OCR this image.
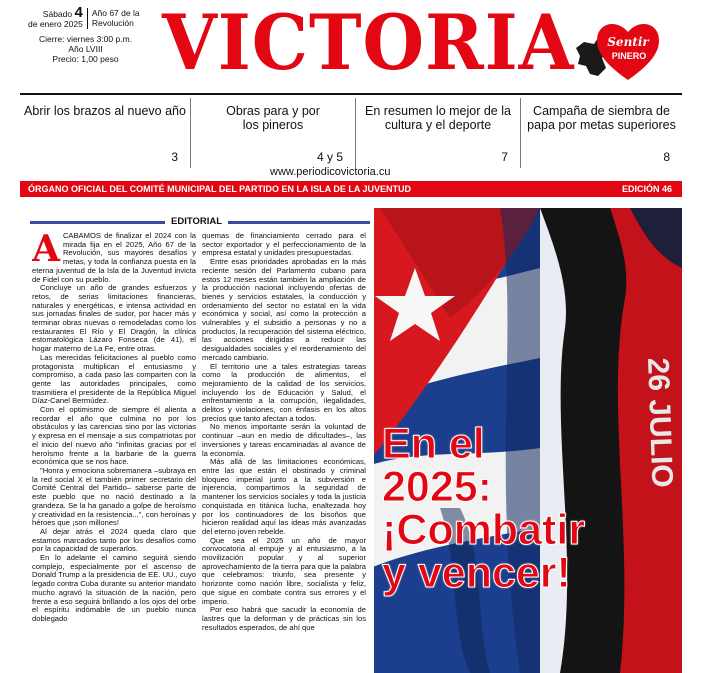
Sábado 4
de enero 2025
Año 67 de la
Revolución
Cierre: viernes 3:00 p.m.
Año LVIII
Precio: 1,00 peso VICTORIA	Sentir
PINERO
Abrir los brazos al nuevo año
3
Obras para y por los pineros
4 y 5
En resumen lo mejor de la cultura y el deporte
7
Campaña de siembra de papa por metas superiores
8
www.periodicovictoria.cu
ÓRGANO OFICIAL DEL COMITÉ MUNICIPAL DEL PARTIDO EN LA ISLA DE LA JUVENTUD	EDICIÓN 46
26 JULIO
EDITORIAL

ACABAMOS de finalizar el 2024 con la mirada fija en el 2025, Año 67 de la Revolución, sus mayores desafíos y metas, y toda la confianza puesta en la eterna juventud de la Isla de la Juventud invicta de Fidel con su pueblo.

Concluye un año de grandes esfuerzos y retos, de serias limitaciones financieras, naturales y energéticas, e intensa actividad en sus jornadas finales de sudor, por hacer más y terminar obras nuevas o remodeladas como los restaurantes El Río y El Dragón, la clínica estomatológica Lázaro Fonseca (de 41), el hogar materno de La Fe, entre otras.

Las merecidas felicitaciones al pueblo como protagonista multiplican el entusiasmo y compromiso, a cada paso las comparten con la gente las autoridades principales, como trasmitiera el presidente de la República Miguel Díaz-Canel Bermúdez.

Con el optimismo de siempre él alienta a recordar el año que culmina no por los obstáculos y las carencias sino por las victorias y expresa en el mensaje a sus compatriotas por el inicio del nuevo año "infinitas gracias por el heroísmo frente a la barbarie de la guerra económica que se nos hace.

"Honra y emociona sobremanera –subraya en la red social X el también primer secretario del Comité Central del Partido– saberse parte de este pueblo que no nació destinado a la grandeza. Se la ha ganado a golpe de heroísmo y creatividad en la resistencia...", con heroínas y héroes que ¡son millones!

Al dejar atrás el 2024 queda claro que estamos marcados tanto por los desafíos como por la capacidad de superarlos.

En lo adelante el camino seguirá siendo complejo, especialmente por el ascenso de Donald Trump a la presidencia de EE. UU., cuyo legado contra Cuba durante su anterior mandato mucho agravó la situación de la nación, pero frente a eso seguirá brillando a los ojos del orbe el espíritu indómable de un pueblo nunca doblegado

quemas de financiamiento cerrado para el sector exportador y el perfeccionamiento de la empresa estatal y unidades presupuestadas.

Entre esas prioridades aprobadas en la más reciente sesión del Parlamento cubano para estos 12 meses están también la ampliación de la producción nacional incluyendo ofertas de bienes y servicios estatales, la conducción y ordenamiento del sector no estatal en la vida económica y social, así como la protección a vulnerables y el subsidio a personas y no a productos, la recuperación del sistema eléctrico, las acciones dirigidas a reducir las desigualdades sociales y el reordenamiento del mercado cambiario.

El territorio une a tales estrategias tareas como la producción de alimentos, el mejoramiento de la calidad de los servicios, incluyendo los de Educación y Salud, el enfrentamiento a la corrupción, ilegalidades, delitos y violaciones, con énfasis en los altos precios que tanto afectan a todos.

No menos importante serán la voluntad de continuar –aun en medio de dificultades–, las inversiones y tareas encaminadas al avance de la economía.

Más allá de las limitaciones económicas, entre las que están el obstinado y criminal bloqueo imperial junto a la subversión e injerencia, compartimos la seguridad de mantener los servicios sociales y toda la justicia conquistada en titánica lucha, enaltezada hoy por los continuadores de los bisoños que hicieron realidad aquí las ideas más avanzadas del eterno joven rebelde.

Que sea el 2025 un año de mayor convocatoria al empuje y al entusiasmo, a la movilización popular y al superior aprovechamiento de la tierra para que la palabra que celebramos: triunfo, sea presente y horizonte como nación libre, socialista y feliz, que sigue en combate contra sus errores y el imperio.

Por eso habrá que sacudir la economía de lastres que la deforman y de prácticas sin los resultados esperados, de ahí que

En el
2025:
¡Combatir
y vencer!
